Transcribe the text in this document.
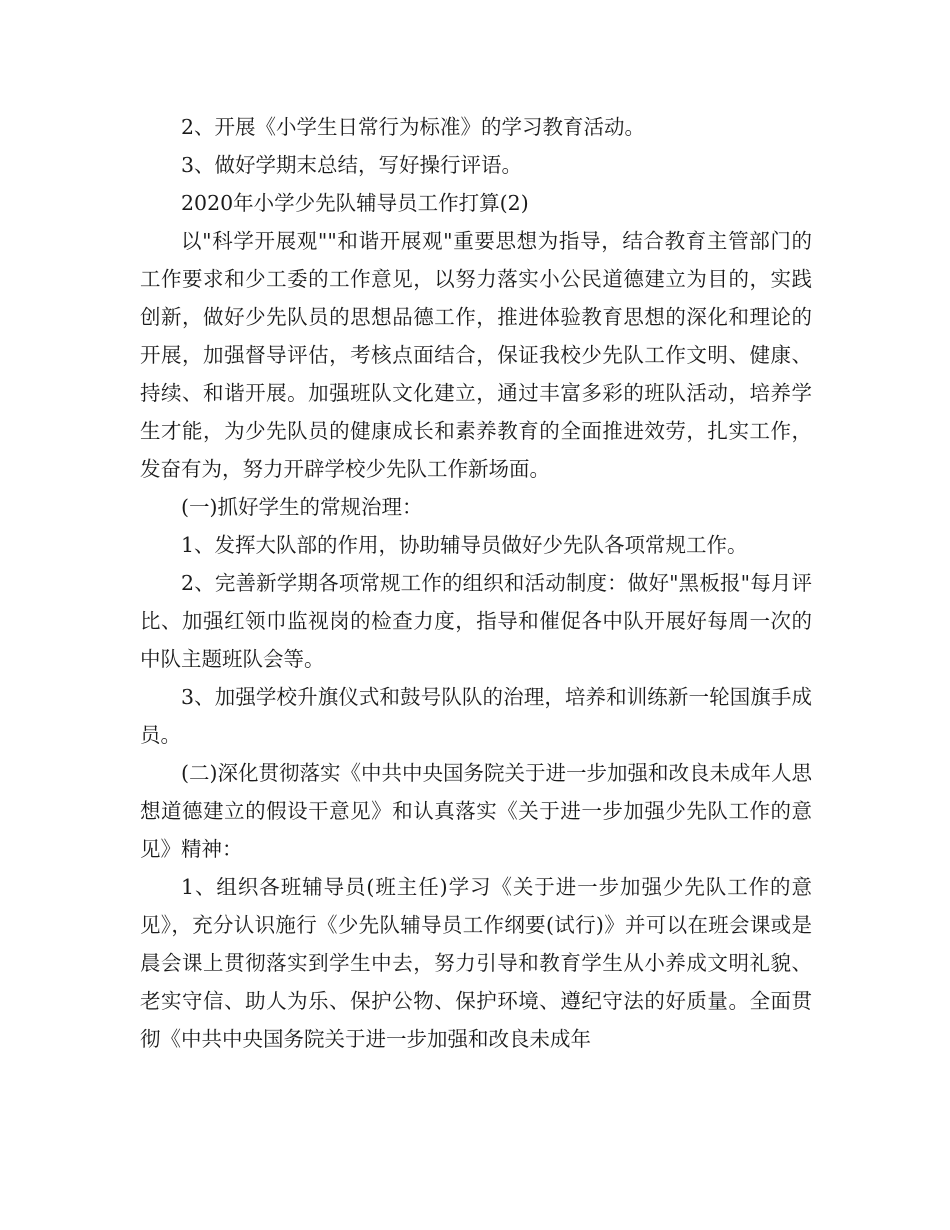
2、开展《小学生日常行为标准》的学习教育活动。

3、做好学期末总结，写好操行评语。

2020年小学少先队辅导员工作打算(2)

以"科学开展观""和谐开展观"重要思想为指导，结合教育主管部门的工作要求和少工委的工作意见，以努力落实小公民道德建立为目的，实践创新，做好少先队员的思想品德工作，推进体验教育思想的深化和理论的开展，加强督导评估，考核点面结合，保证我校少先队工作文明、健康、持续、和谐开展。加强班队文化建立，通过丰富多彩的班队活动，培养学生才能，为少先队员的健康成长和素养教育的全面推进效劳，扎实工作，发奋有为，努力开辟学校少先队工作新场面。

(一)抓好学生的常规治理：

1、发挥大队部的作用，协助辅导员做好少先队各项常规工作。

2、完善新学期各项常规工作的组织和活动制度：做好"黑板报"每月评比、加强红领巾监视岗的检查力度，指导和催促各中队开展好每周一次的中队主题班队会等。

3、加强学校升旗仪式和鼓号队队的治理，培养和训练新一轮国旗手成员。

(二)深化贯彻落实《中共中央国务院关于进一步加强和改良未成年人思想道德建立的假设干意见》和认真落实《关于进一步加强少先队工作的意见》精神：

1、组织各班辅导员(班主任)学习《关于进一步加强少先队工作的意见》，充分认识施行《少先队辅导员工作纲要(试行)》并可以在班会课或是晨会课上贯彻落实到学生中去，努力引导和教育学生从小养成文明礼貌、老实守信、助人为乐、保护公物、保护环境、遵纪守法的好质量。全面贯彻《中共中央国务院关于进一步加强和改良未成年
